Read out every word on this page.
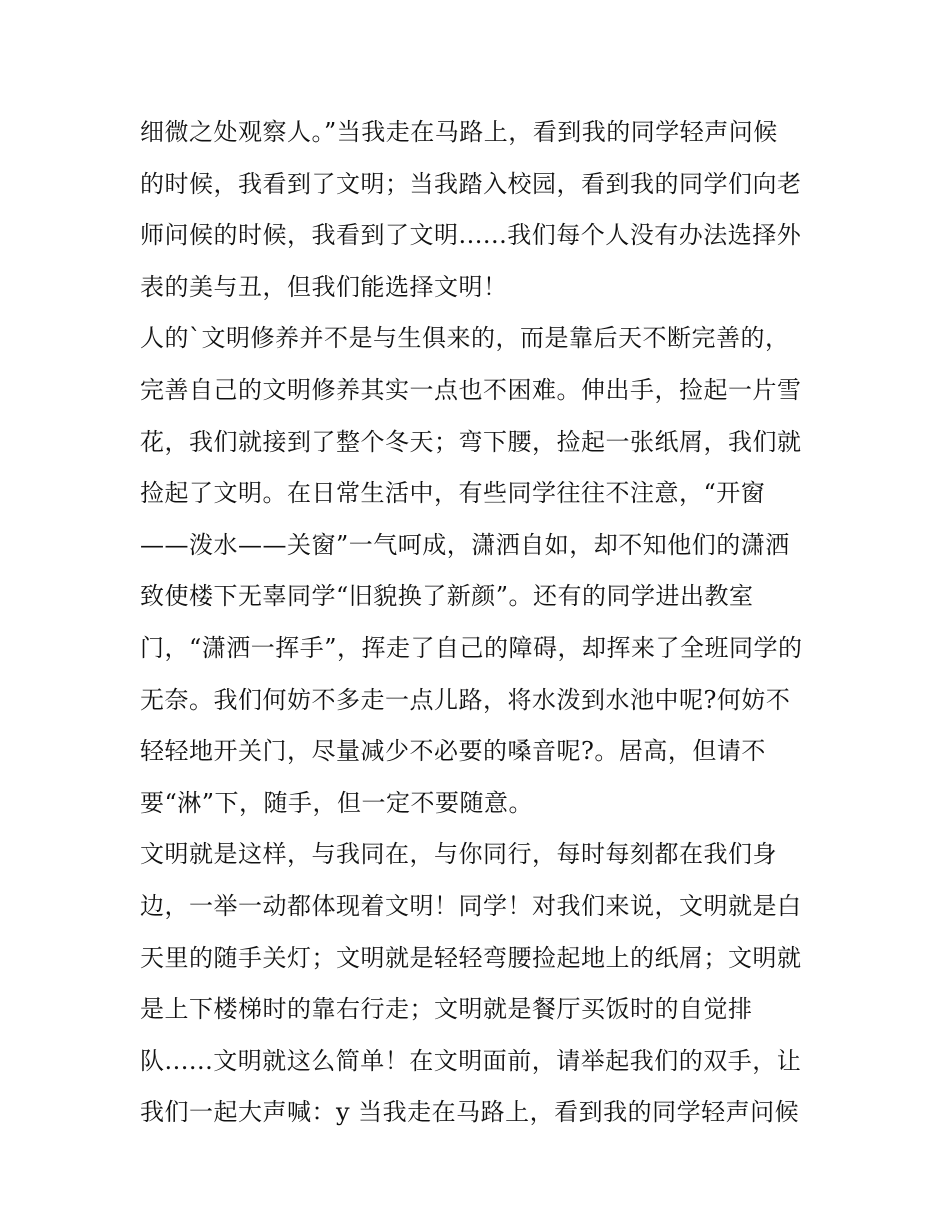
细微之处观察人。”当我走在马路上，看到我的同学轻声问候
的时候，我看到了文明；当我踏入校园，看到我的同学们向老
师问候的时候，我看到了文明......我们每个人没有办法选择外
表的美与丑，但我们能选择文明！
人的`文明修养并不是与生俱来的，而是靠后天不断完善的，
完善自己的文明修养其实一点也不困难。伸出手，捡起一片雪
花，我们就接到了整个冬天；弯下腰，捡起一张纸屑，我们就
捡起了文明。在日常生活中，有些同学往往不注意，“开窗
——泼水——关窗”一气呵成，潇洒自如，却不知他们的潇洒
致使楼下无辜同学“旧貌换了新颜”。还有的同学进出教室
门，“潇洒一挥手”，挥走了自己的障碍，却挥来了全班同学的
无奈。我们何妨不多走一点儿路，将水泼到水池中呢?何妨不
轻轻地开关门，尽量减少不必要的嗓音呢?。居高，但请不
要“淋”下，随手，但一定不要随意。
文明就是这样，与我同在，与你同行，每时每刻都在我们身
边，一举一动都体现着文明！同学！对我们来说，文明就是白
天里的随手关灯；文明就是轻轻弯腰捡起地上的纸屑；文明就
是上下楼梯时的靠右行走；文明就是餐厅买饭时的自觉排
队......文明就这么简单！在文明面前，请举起我们的双手，让
我们一起大声喊：y 当我走在马路上，看到我的同学轻声问候
